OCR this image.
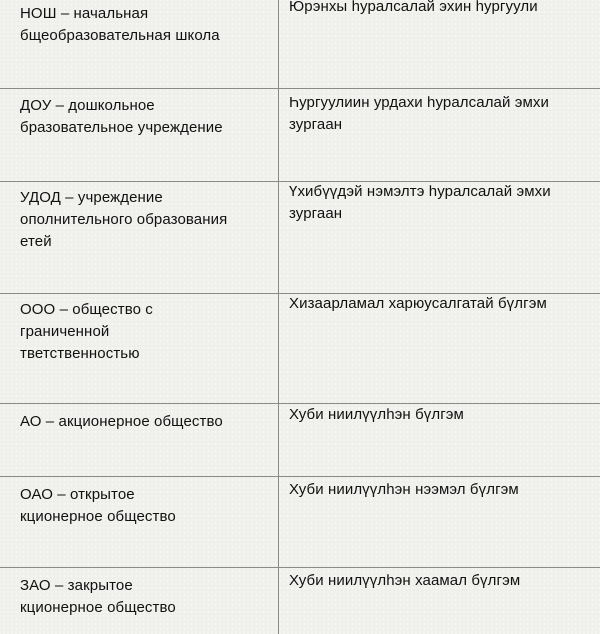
НОШ – начальная
бщеобразовательная школа
Юрэнхы һуралсалай эхин һургуули
ДОУ – дошкольное
бразовательное учреждение
Һургуулиин урдахи һуралсалай эмхи
зургаан
УДОД – учреждение
ополнительного образования
етей
Үхибүүдэй нэмэлтэ һуралсалай эмхи
зургаан
ООО – общество с
граниченной
тветственностью
Хизаарламал харюусалгатай бүлгэм
АО – акционерное общество	Хуби ниилүүлһэн бүлгэм
ОАО – открытое
кционерное общество
Хуби ниилүүлһэн нээмэл бүлгэм
ЗАО – закрытое
кционерное общество
Хуби ниилүүлһэн хаамал бүлгэм
